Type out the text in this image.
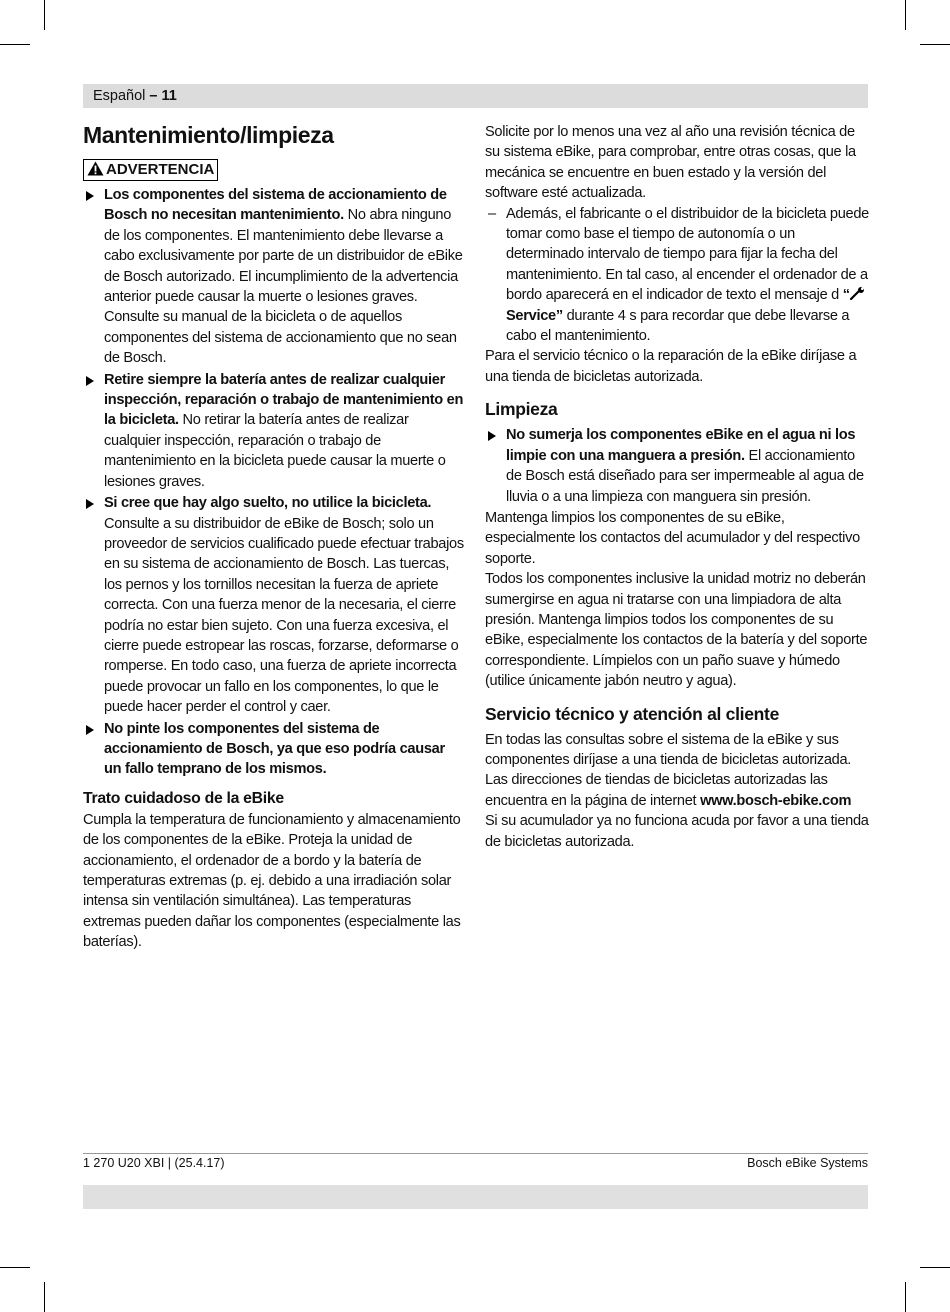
Español – 11
Mantenimiento/limpieza
ADVERTENCIA

Los componentes del sistema de accionamiento de Bosch no necesitan mantenimiento. No abra ninguno de los componentes. El mantenimiento debe llevarse a cabo exclusivamente por parte de un distribuidor de eBike de Bosch autorizado. El incumplimiento de la advertencia anterior puede causar la muerte o lesiones graves. Consulte su manual de la bicicleta o de aquellos componentes del sistema de accionamiento que no sean de Bosch.

Retire siempre la batería antes de realizar cualquier inspección, reparación o trabajo de mantenimiento en la bicicleta. No retirar la batería antes de realizar cualquier inspección, reparación o trabajo de mantenimiento en la bicicleta puede causar la muerte o lesiones graves.

Si cree que hay algo suelto, no utilice la bicicleta. Consulte a su distribuidor de eBike de Bosch; solo un proveedor de servicios cualificado puede efectuar trabajos en su sistema de accionamiento de Bosch. Las tuercas, los pernos y los tornillos necesitan la fuerza de apriete correcta. Con una fuerza menor de la necesaria, el cierre podría no estar bien sujeto. Con una fuerza excesiva, el cierre puede estropear las roscas, forzarse, deformarse o romperse. En todo caso, una fuerza de apriete incorrecta puede provocar un fallo en los componentes, lo que le puede hacer perder el control y caer.

No pinte los componentes del sistema de accionamiento de Bosch, ya que eso podría causar un fallo temprano de los mismos.

Trato cuidadoso de la eBike

Cumpla la temperatura de funcionamiento y almacenamiento de los componentes de la eBike. Proteja la unidad de accionamiento, el ordenador de a bordo y la batería de temperaturas extremas (p. ej. debido a una irradiación solar intensa sin ventilación simultánea). Las temperaturas extremas pueden dañar los componentes (especialmente las baterías).

Solicite por lo menos una vez al año una revisión técnica de su sistema eBike, para comprobar, entre otras cosas, que la mecánica se encuentre en buen estado y la versión del software esté actualizada.

– Además, el fabricante o el distribuidor de la bicicleta puede tomar como base el tiempo de autonomía o un determinado intervalo de tiempo para fijar la fecha del mantenimiento. En tal caso, al encender el ordenador de a bordo aparecerá en el indicador de texto el mensaje d “ Service” durante 4 s para recordar que debe llevarse a cabo el mantenimiento.

Para el servicio técnico o la reparación de la eBike diríjase a una tienda de bicicletas autorizada.

Limpieza

No sumerja los componentes eBike en el agua ni los limpie con una manguera a presión. El accionamiento de Bosch está diseñado para ser impermeable al agua de lluvia o a una limpieza con manguera sin presión.

Mantenga limpios los componentes de su eBike, especialmente los contactos del acumulador y del respectivo soporte.

Todos los componentes inclusive la unidad motriz no deberán sumergirse en agua ni tratarse con una limpiadora de alta presión. Mantenga limpios todos los componentes de su eBike, especialmente los contactos de la batería y del soporte correspondiente. Límpielos con un paño suave y húmedo (utilice únicamente jabón neutro y agua).

Servicio técnico y atención al cliente

En todas las consultas sobre el sistema de la eBike y sus componentes diríjase a una tienda de bicicletas autorizada.

Las direcciones de tiendas de bicicletas autorizadas las encuentra en la página de internet www.bosch-ebike.com

Si su acumulador ya no funciona acuda por favor a una tienda de bicicletas autorizada.

1 270 U20 XBI | (25.4.17)	Bosch eBike Systems
